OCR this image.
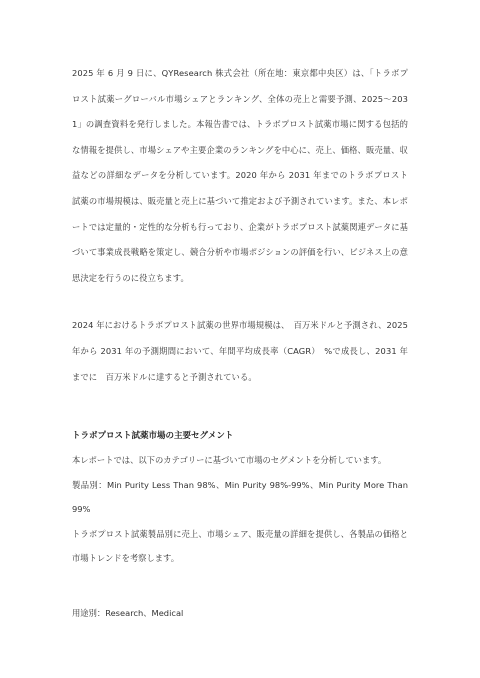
2025 年 6 月 9 日に、QYResearch 株式会社（所在地：東京都中央区）は、「トラボプロスト試薬ーグローバル市場シェアとランキング、全体の売上と需要予測、2025〜2031」の調査資料を発行しました。本報告書では、トラボプロスト試薬市場に関する包括的な情報を提供し、市場シェアや主要企業のランキングを中心に、売上、価格、販売量、収益などの詳細なデータを分析しています。2020 年から 2031 年までのトラボプロスト試薬の市場規模は、販売量と売上に基づいて推定および予測されています。また、本レポートでは定量的・定性的な分析も行っており、企業がトラボプロスト試薬関連データに基づいて事業成長戦略を策定し、競合分析や市場ポジションの評価を行い、ビジネス上の意思決定を行うのに役立ちます。

2024 年におけるトラボプロスト試薬の世界市場規模は、　百万米ドルと予測され、2025 年から 2031 年の予測期間において、年間平均成長率（CAGR）　%で成長し、2031 年までに　百万米ドルに達すると予測されている。

トラボプロスト試薬市場の主要セグメント

本レポートでは、以下のカテゴリーに基づいて市場のセグメントを分析しています。

製品別：Min Purity Less Than 98%、Min Purity 98%-99%、Min Purity More Than 99%

トラボプロスト試薬製品別に売上、市場シェア、販売量の詳細を提供し、各製品の価格と市場トレンドを考察します。

用途別：Research、Medical
